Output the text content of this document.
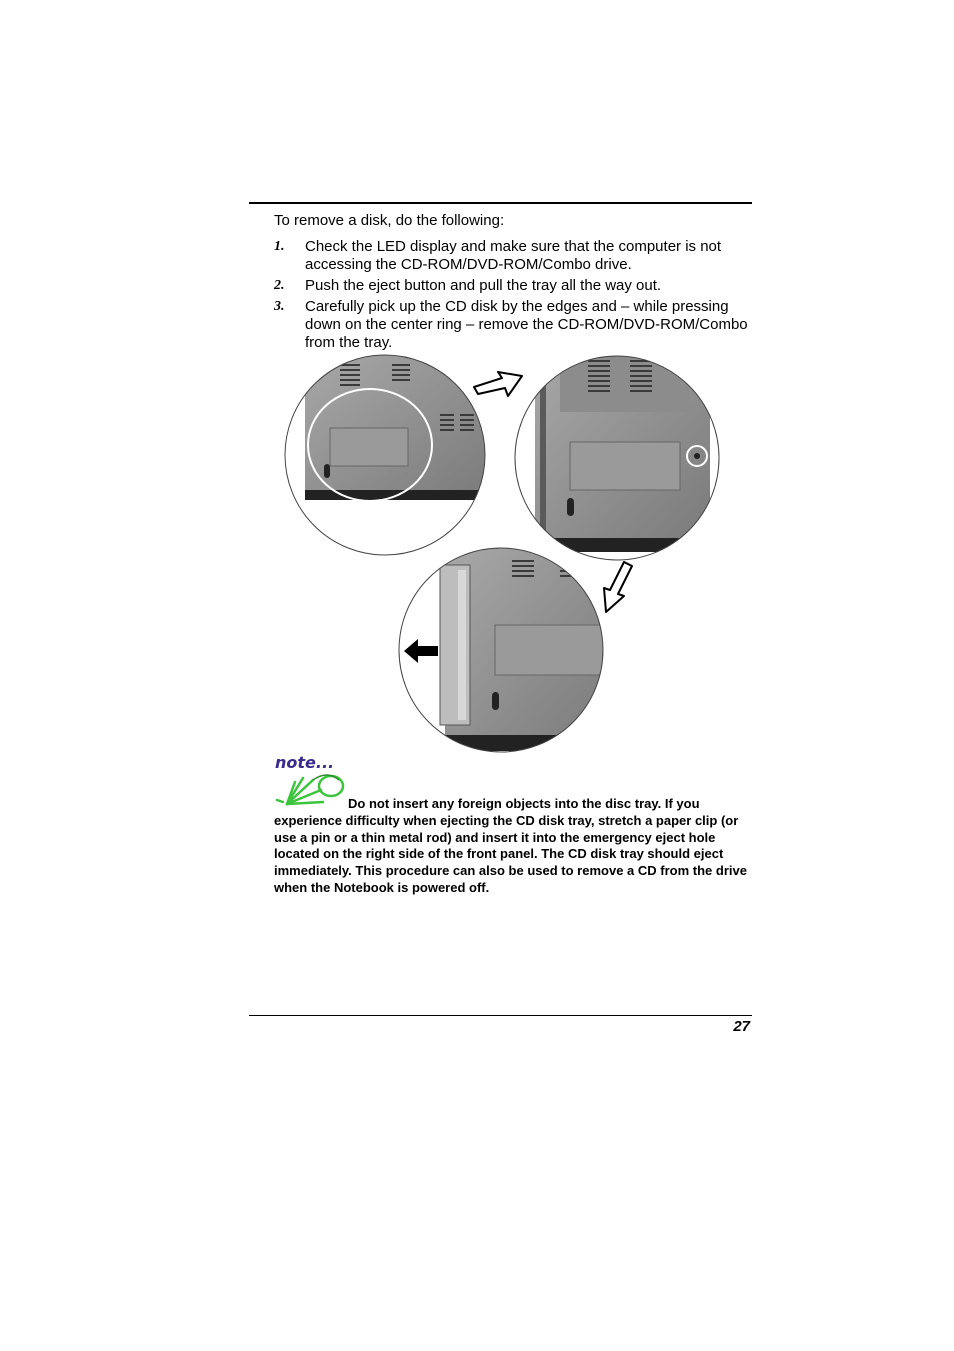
To remove a disk, do the following:
1. Check the LED display and make sure that the computer is not accessing the CD-ROM/DVD-ROM/Combo drive.
2. Push the eject button and pull the tray all the way out.
3. Carefully pick up the CD disk by the edges and – while pressing down on the center ring – remove the CD-ROM/DVD-ROM/Combo from the tray.
note...

Do not insert any foreign objects into the disc tray. If you experience difficulty when ejecting the CD disk tray, stretch a paper clip (or use a pin or a thin metal rod) and insert it into the emergency eject hole located on the right side of the front panel. The CD disk tray should eject immediately. This procedure can also be used to remove a CD from the drive when the Notebook is powered off.

27
